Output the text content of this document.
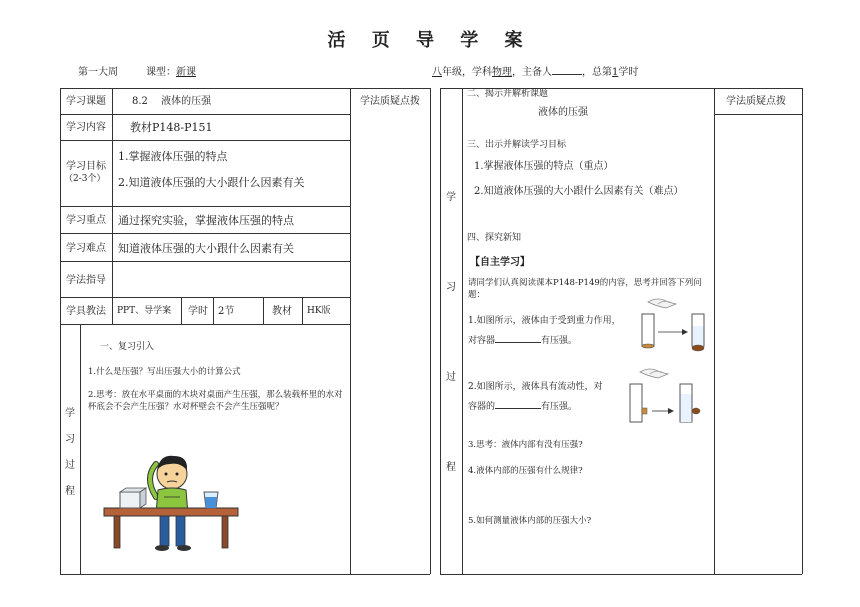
活 页 导 学 案
第一大周	课型：新课	八年级，学科物理，主备人	，总第1学时
学习课题	8.2　 液体的压强	学法质疑点拨
学习内容 教材P148-P151
学习目标
（2-3个）
1.掌握液体压强的特点
2.知道液体压强的大小跟什么因素有关
学习重点 通过探究实验，掌握液体压强的特点
学习难点 知道液体压强的大小跟什么因素有关
学法指导
学具教法 PPT、导学案 学时 2节	教材 HK版
学
习
过
程
一、复习引入
1.什么是压强？写出压强大小的计算公式
2.思考：放在水平桌面的木块对桌面产生压强，那么装载杯里的水对杯底会不会产生压强？水对杯壁会不会产生压强呢？
学
习
过
程
二、揭示并解析课题
液体的压强
学法质疑点拨
三、出示并解读学习目标
1.掌握液体压强的特点（重点）
2.知道液体压强的大小跟什么因素有关（难点）
四、探究新知
【自主学习】
请同学们认真阅读课本P148-P149的内容，思考并回答下列问题：
1.如图所示，液体由于受到重力作用，
对容器	有压强。
2.如图所示，液体具有流动性，对
容器的	有压强。
3.思考：液体内部有没有压强?
4.液体内部的压强有什么规律?
5.如何测量液体内部的压强大小?
